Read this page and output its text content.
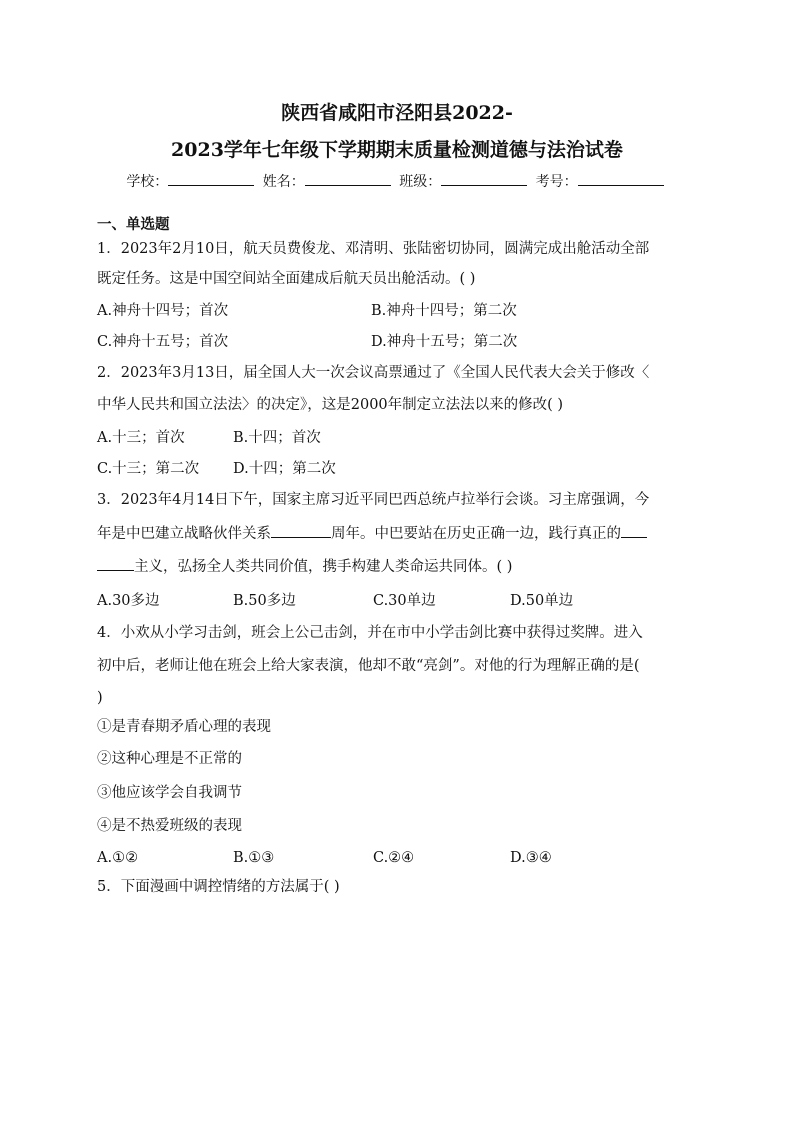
陕西省咸阳市泾阳县2022-
2023学年七年级下学期期末质量检测道德与法治试卷
学校：	姓名：	班级：	考号：
一、单选题
1．2023年2月10日，航天员费俊龙、邓清明、张陆密切协同，圆满完成出舱活动全部
既定任务。这是中国空间站全面建成后航天员出舱活动。( )
A.神舟十四号；首次	B.神舟十四号；第二次
C.神舟十五号；首次	D.神舟十五号；第二次
2．2023年3月13日，届全国人大一次会议高票通过了《全国人民代表大会关于修改〈
中华人民共和国立法法〉的决定》，这是2000年制定立法法以来的修改( )
A.十三；首次	B.十四；首次
C.十三；第二次 D.十四；第二次
3．2023年4月14日下午，国家主席习近平同巴西总统卢拉举行会谈。习主席强调，今
年是中巴建立战略伙伴关系	周年。中巴要站在历史正确一边，践行真正的
主义，弘扬全人类共同价值，携手构建人类命运共同体。( )
A.30多边	B.50多边	C.30单边	D.50单边
4．小欢从小学习击剑，班会上公己击剑，并在市中小学击剑比赛中获得过奖牌。进入
初中后，老师让他在班会上给大家表演，他却不敢“亮剑”。对他的行为理解正确的是(
)
①是青春期矛盾心理的表现
②这种心理是不正常的
③他应该学会自我调节
④是不热爱班级的表现
A.①②	B.①③	C.②④	D.③④
5．下面漫画中调控情绪的方法属于( )
